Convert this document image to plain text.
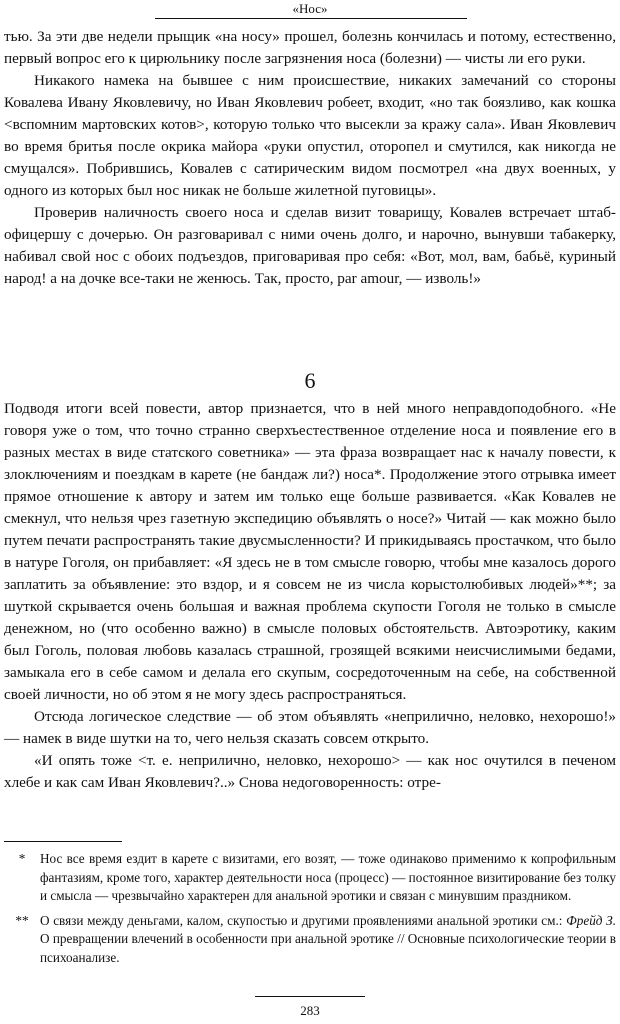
«Нос»

тью. За эти две недели прыщик «на носу» прошел, болезнь кончилась и потому, естественно, первый вопрос его к цирюльнику после загрязнения носа (болезни) — чисты ли его руки.

Никакого намека на бывшее с ним происшествие, никаких замечаний со стороны Ковалева Ивану Яковлевичу, но Иван Яковлевич робеет, входит, «но так боязливо, как кошка <вспомним мартовских котов>, которую только что высекли за кражу сала». Иван Яковлевич во время бритья после окрика майора «руки опустил, оторопел и смутился, как никогда не смущался». Побрившись, Ковалев с сатирическим видом посмотрел «на двух военных, у одного из которых был нос никак не больше жилетной пуговицы».

Проверив наличность своего носа и сделав визит товарищу, Ковалев встречает штаб-офицершу с дочерью. Он разговаривал с ними очень долго, и нарочно, вынувши табакерку, набивал свой нос с обоих подъездов, приговаривая про себя: «Вот, мол, вам, бабьё, куриный народ! а на дочке все-таки не женюсь. Так, просто, par amour, — изволь!»

6

Подводя итоги всей повести, автор признается, что в ней много неправдоподобного. «Не говоря уже о том, что точно странно сверхъестественное отделение носа и появление его в разных местах в виде статского советника» — эта фраза возвращает нас к началу повести, к злоключениям и поездкам в карете (не бандаж ли?) носа*. Продолжение этого отрывка имеет прямое отношение к автору и затем им только еще больше развивается. «Как Ковалев не смекнул, что нельзя чрез газетную экспедицию объявлять о носе?» Читай — как можно было путем печати распространять такие двусмысленности? И прикидываясь простачком, что было в натуре Гоголя, он прибавляет: «Я здесь не в том смысле говорю, чтобы мне казалось дорого заплатить за объявление: это вздор, и я совсем не из числа корыстолюбивых людей»**; за шуткой скрывается очень большая и важная проблема скупости Гоголя не только в смысле денежном, но (что особенно важно) в смысле половых обстоятельств. Автоэротику, каким был Гоголь, половая любовь казалась страшной, грозящей всякими неисчислимыми бедами, замыкала его в себе самом и делала его скупым, сосредоточенным на себе, на собственной своей личности, но об этом я не могу здесь распространяться.

Отсюда логическое следствие — об этом объявлять «неприлично, неловко, нехорошо!» — намек в виде шутки на то, чего нельзя сказать совсем открыто.

«И опять тоже <т. е. неприлично, неловко, нехорошо> — как нос очутился в печеном хлебе и как сам Иван Яковлевич?..» Снова недоговоренность: отре-

*	Нос все время ездит в карете с визитами, его возят, — тоже одинаково применимо к копрофильным фантазиям, кроме того, характер деятельности носа (процесс) — постоянное визитирование без толку и смысла — чрезвычайно характерен для анальной эротики и связан с минувшим праздником.
** О связи между деньгами, калом, скупостью и другими проявлениями анальной эротики см.: Фрейд З. О превращении влечений в особенности при анальной эротике // Основные психологические теории в психоанализе.
283
